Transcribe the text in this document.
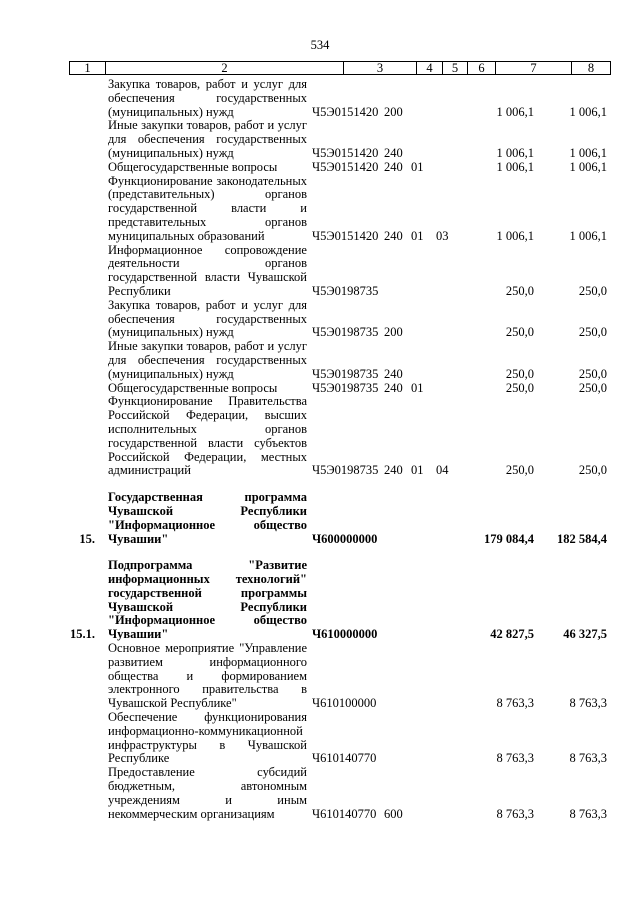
534
1	2	3	4	5	6	7	8
	Закупка товаров, работ и услуг для обеспечения государственных (муниципальных) нужд	Ч5Э0151420	200			1 006,1	1 006,1
	Иные закупки товаров, работ и услуг для обеспечения государственных (муниципальных) нужд	Ч5Э0151420	240			1 006,1	1 006,1
	Общегосударственные вопросы	Ч5Э0151420	240	01		1 006,1	1 006,1
	Функционирование законодательных (представительных) органов государственной власти и представительных органов муниципальных образований	Ч5Э0151420	240	01	03	1 006,1	1 006,1
	Информационное сопровождение деятельности органов государственной власти Чувашской Республики	Ч5Э0198735				250,0	250,0
	Закупка товаров, работ и услуг для обеспечения государственных (муниципальных) нужд	Ч5Э0198735	200			250,0	250,0
	Иные закупки товаров, работ и услуг для обеспечения государственных (муниципальных) нужд	Ч5Э0198735	240			250,0	250,0
	Общегосударственные вопросы	Ч5Э0198735	240	01		250,0	250,0
	Функционирование Правительства Российской Федерации, высших исполнительных органов государственной власти субъектов Российской Федерации, местных администраций	Ч5Э0198735	240	01	04	250,0	250,0

15.	Государственная программа Чувашской Республики "Информационное общество Чувашии"	Ч600000000				179 084,4	182 584,4

15.1.	Подпрограмма "Развитие информационных технологий" государственной программы Чувашской Республики "Информационное общество Чувашии"	Ч610000000				42 827,5	46 327,5
	Основное мероприятие "Управление развитием информационного общества и формированием электронного правительства в Чувашской Республике"	Ч610100000				8 763,3	8 763,3
	Обеспечение функционирования информационно-коммуникационной инфраструктуры в Чувашской Республике	Ч610140770				8 763,3	8 763,3
	Предоставление субсидий бюджетным, автономным учреждениям и иным некоммерческим организациям	Ч610140770	600			8 763,3	8 763,3
